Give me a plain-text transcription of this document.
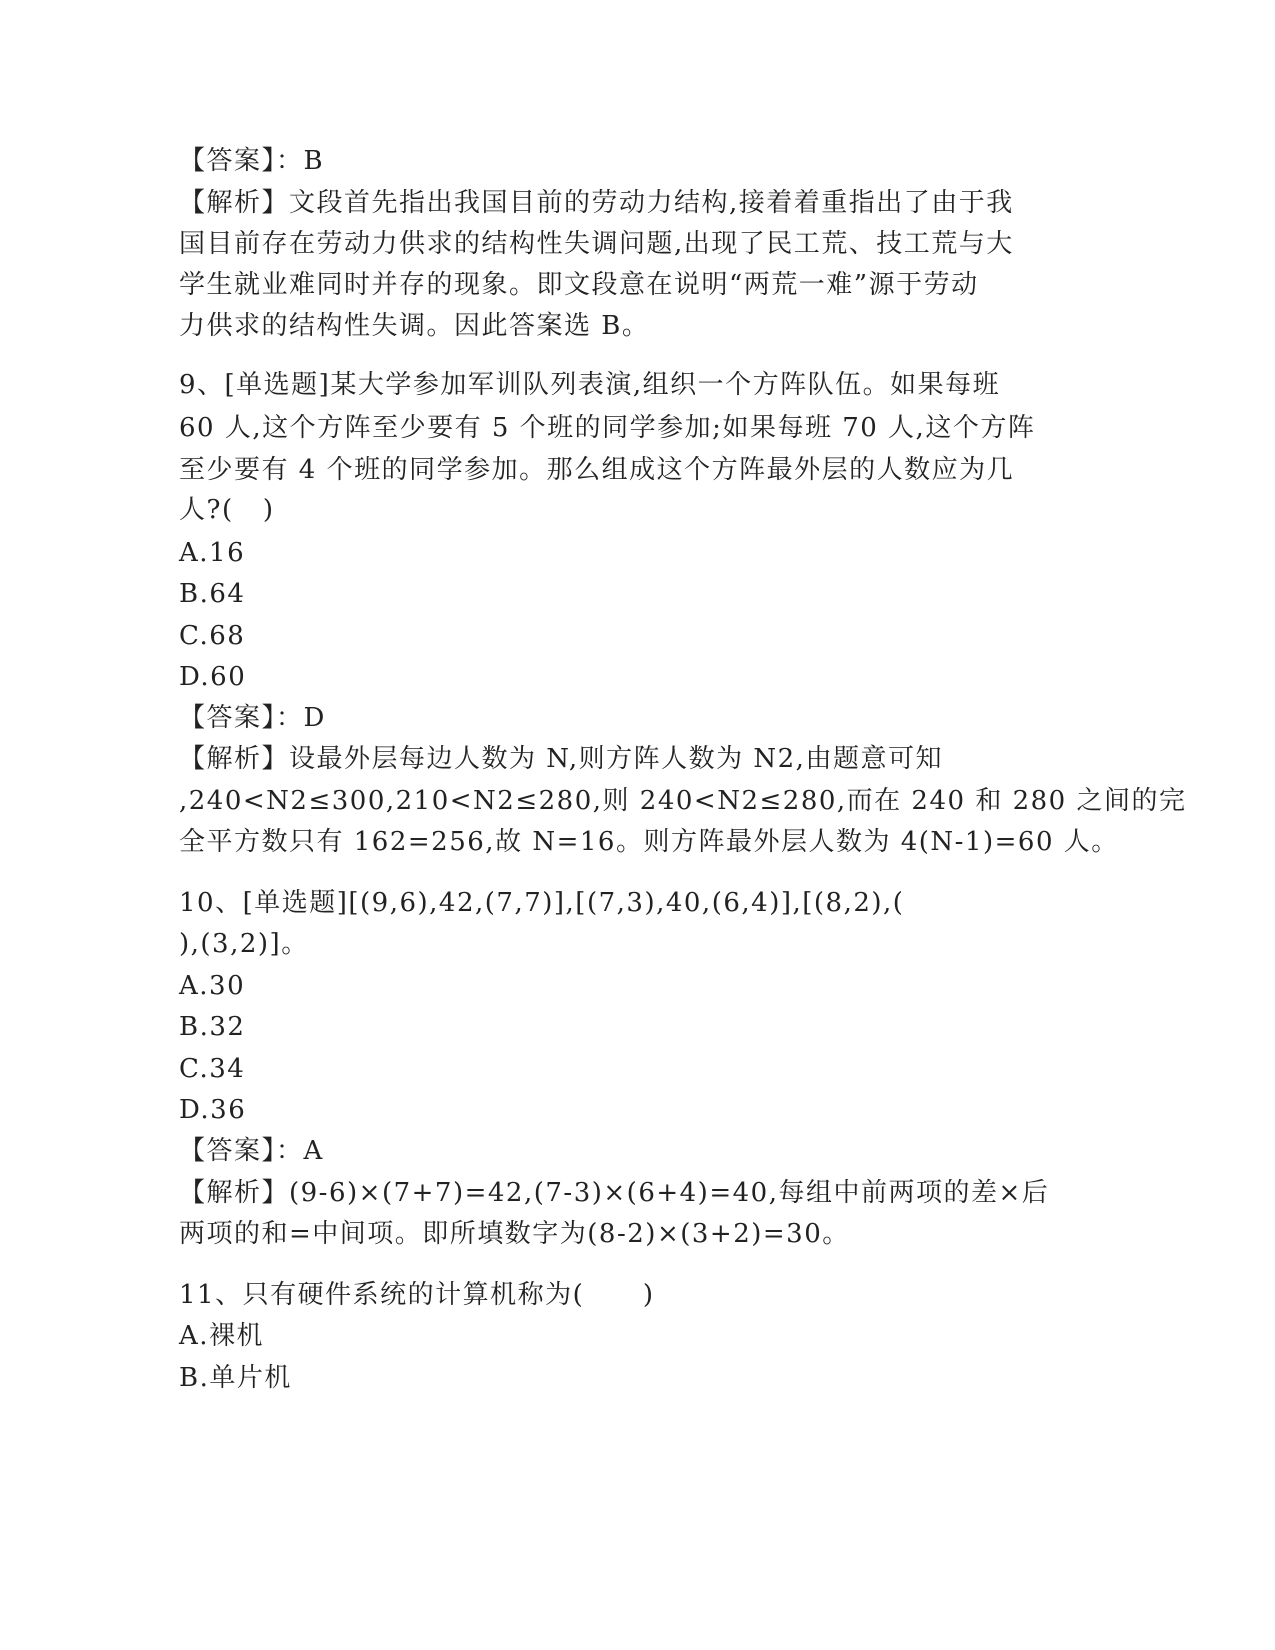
【答案】：B
【解析】文段首先指出我国目前的劳动力结构,接着着重指出了由于我
国目前存在劳动力供求的结构性失调问题,出现了民工荒、技工荒与大
学生就业难同时并存的现象。即文段意在说明“两荒一难”源于劳动
力供求的结构性失调。因此答案选 B。
9、[单选题]某大学参加军训队列表演,组织一个方阵队伍。如果每班
60 人,这个方阵至少要有 5 个班的同学参加;如果每班 70 人,这个方阵
至少要有 4 个班的同学参加。那么组成这个方阵最外层的人数应为几
人?(   )
A.16
B.64
C.68
D.60
【答案】：D
【解析】设最外层每边人数为 N,则方阵人数为 N2,由题意可知
,240<N2≤300,210<N2≤280,则 240<N2≤280,而在 240 和 280 之间的完
全平方数只有 162=256,故 N=16。则方阵最外层人数为 4(N-1)=60 人。
10、[单选题][(9,6),42,(7,7)],[(7,3),40,(6,4)],[(8,2),(
),(3,2)]。
A.30
B.32
C.34
D.36
【答案】：A
【解析】(9-6)×(7+7)=42,(7-3)×(6+4)=40,每组中前两项的差×后
两项的和=中间项。即所填数字为(8-2)×(3+2)=30。
11、只有硬件系统的计算机称为(      )
A.裸机
B.单片机
